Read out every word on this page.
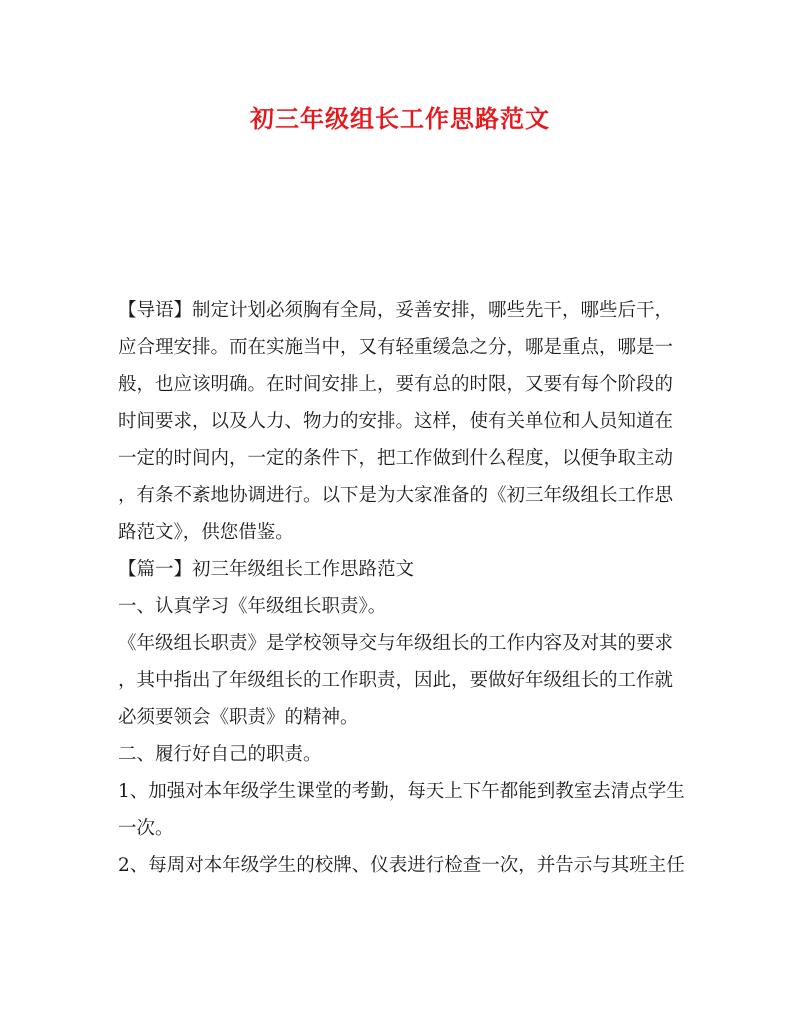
初三年级组长工作思路范文
【导语】制定计划必须胸有全局，妥善安排，哪些先干，哪些后干，
应合理安排。而在实施当中，又有轻重缓急之分，哪是重点，哪是一
般，也应该明确。在时间安排上，要有总的时限，又要有每个阶段的
时间要求，以及人力、物力的安排。这样，使有关单位和人员知道在
一定的时间内，一定的条件下，把工作做到什么程度，以便争取主动
，有条不紊地协调进行。以下是为大家准备的《初三年级组长工作思
路范文》，供您借鉴。
【篇一】初三年级组长工作思路范文
一、认真学习《年级组长职责》。
《年级组长职责》是学校领导交与年级组长的工作内容及对其的要求
，其中指出了年级组长的工作职责，因此，要做好年级组长的工作就
必须要领会《职责》的精神。
二、履行好自己的职责。
1、加强对本年级学生课堂的考勤，每天上下午都能到教室去清点学生
一次。
2、每周对本年级学生的校牌、仪表进行检查一次，并告示与其班主任
